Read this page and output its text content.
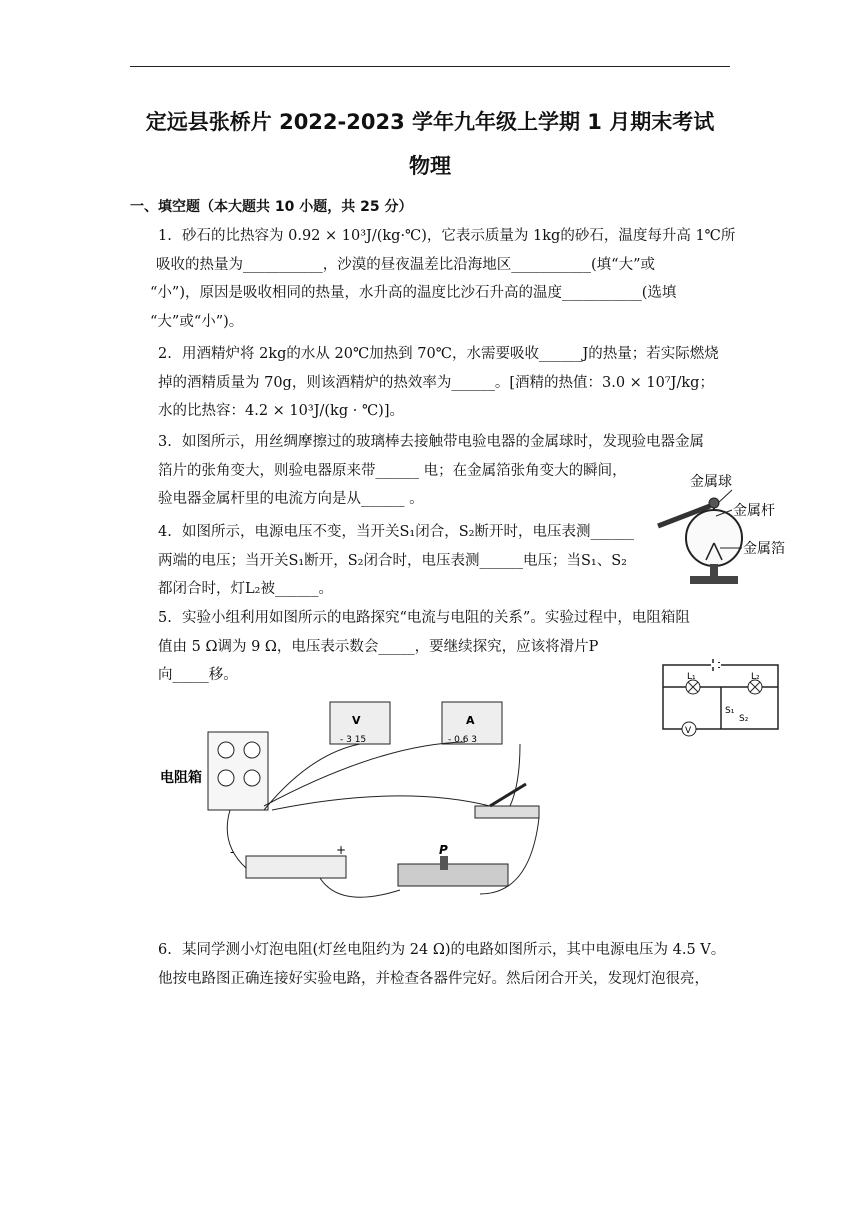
定远县张桥片 2022-2023 学年九年级上学期 1 月期末考试
物理
一、填空题（本大题共 10 小题，共 25 分）
1. 砂石的比热容为 0.92 × 10³J/(kg·℃)，它表示质量为 1kg的砂石，温度每升高 1℃所
吸收的热量为___________，沙漠的昼夜温差比沿海地区___________(填“大”或
“小”)，原因是吸收相同的热量，水升高的温度比沙石升高的温度___________(选填
“大”或“小”)。
2. 用酒精炉将 2kg的水从 20℃加热到 70℃，水需要吸收______J的热量；若实际燃烧
掉的酒精质量为 70g，则该酒精炉的热效率为______。[酒精的热值：3.0 × 10⁷J/kg；
水的比热容：4.2 × 10³J/(kg · ℃)]。
3. 如图所示，用丝绸摩擦过的玻璃棒去接触带电验电器的金属球时，发现验电器金属
箔片的张角变大，则验电器原来带______ 电；在金属箔张角变大的瞬间，
验电器金属杆里的电流方向是从______ 。
4. 如图所示，电源电压不变，当开关S₁闭合，S₂断开时，电压表测______
两端的电压；当开关S₁断开，S₂闭合时，电压表测______电压；当S₁、S₂
都闭合时，灯L₂被______。
5. 实验小组利用如图所示的电路探究“电流与电阻的关系”。实验过程中，电阻箱阻
值由 5 Ω调为 9 Ω，电压表示数会_____，要继续探究，应该将滑片P
向_____移。
6. 某同学测小灯泡电阻(灯丝电阻约为 24 Ω)的电路如图所示，其中电源电压为 4.5 V。
他按电路图正确连接好实验电路，并检查各器件完好。然后闭合开关，发现灯泡很亮，
金属球
金属杆
金属箔
V
L₁	L₂
S₁
S₂
电阻箱
V
- 3 15
A
- 0.6 3
-	+	P
